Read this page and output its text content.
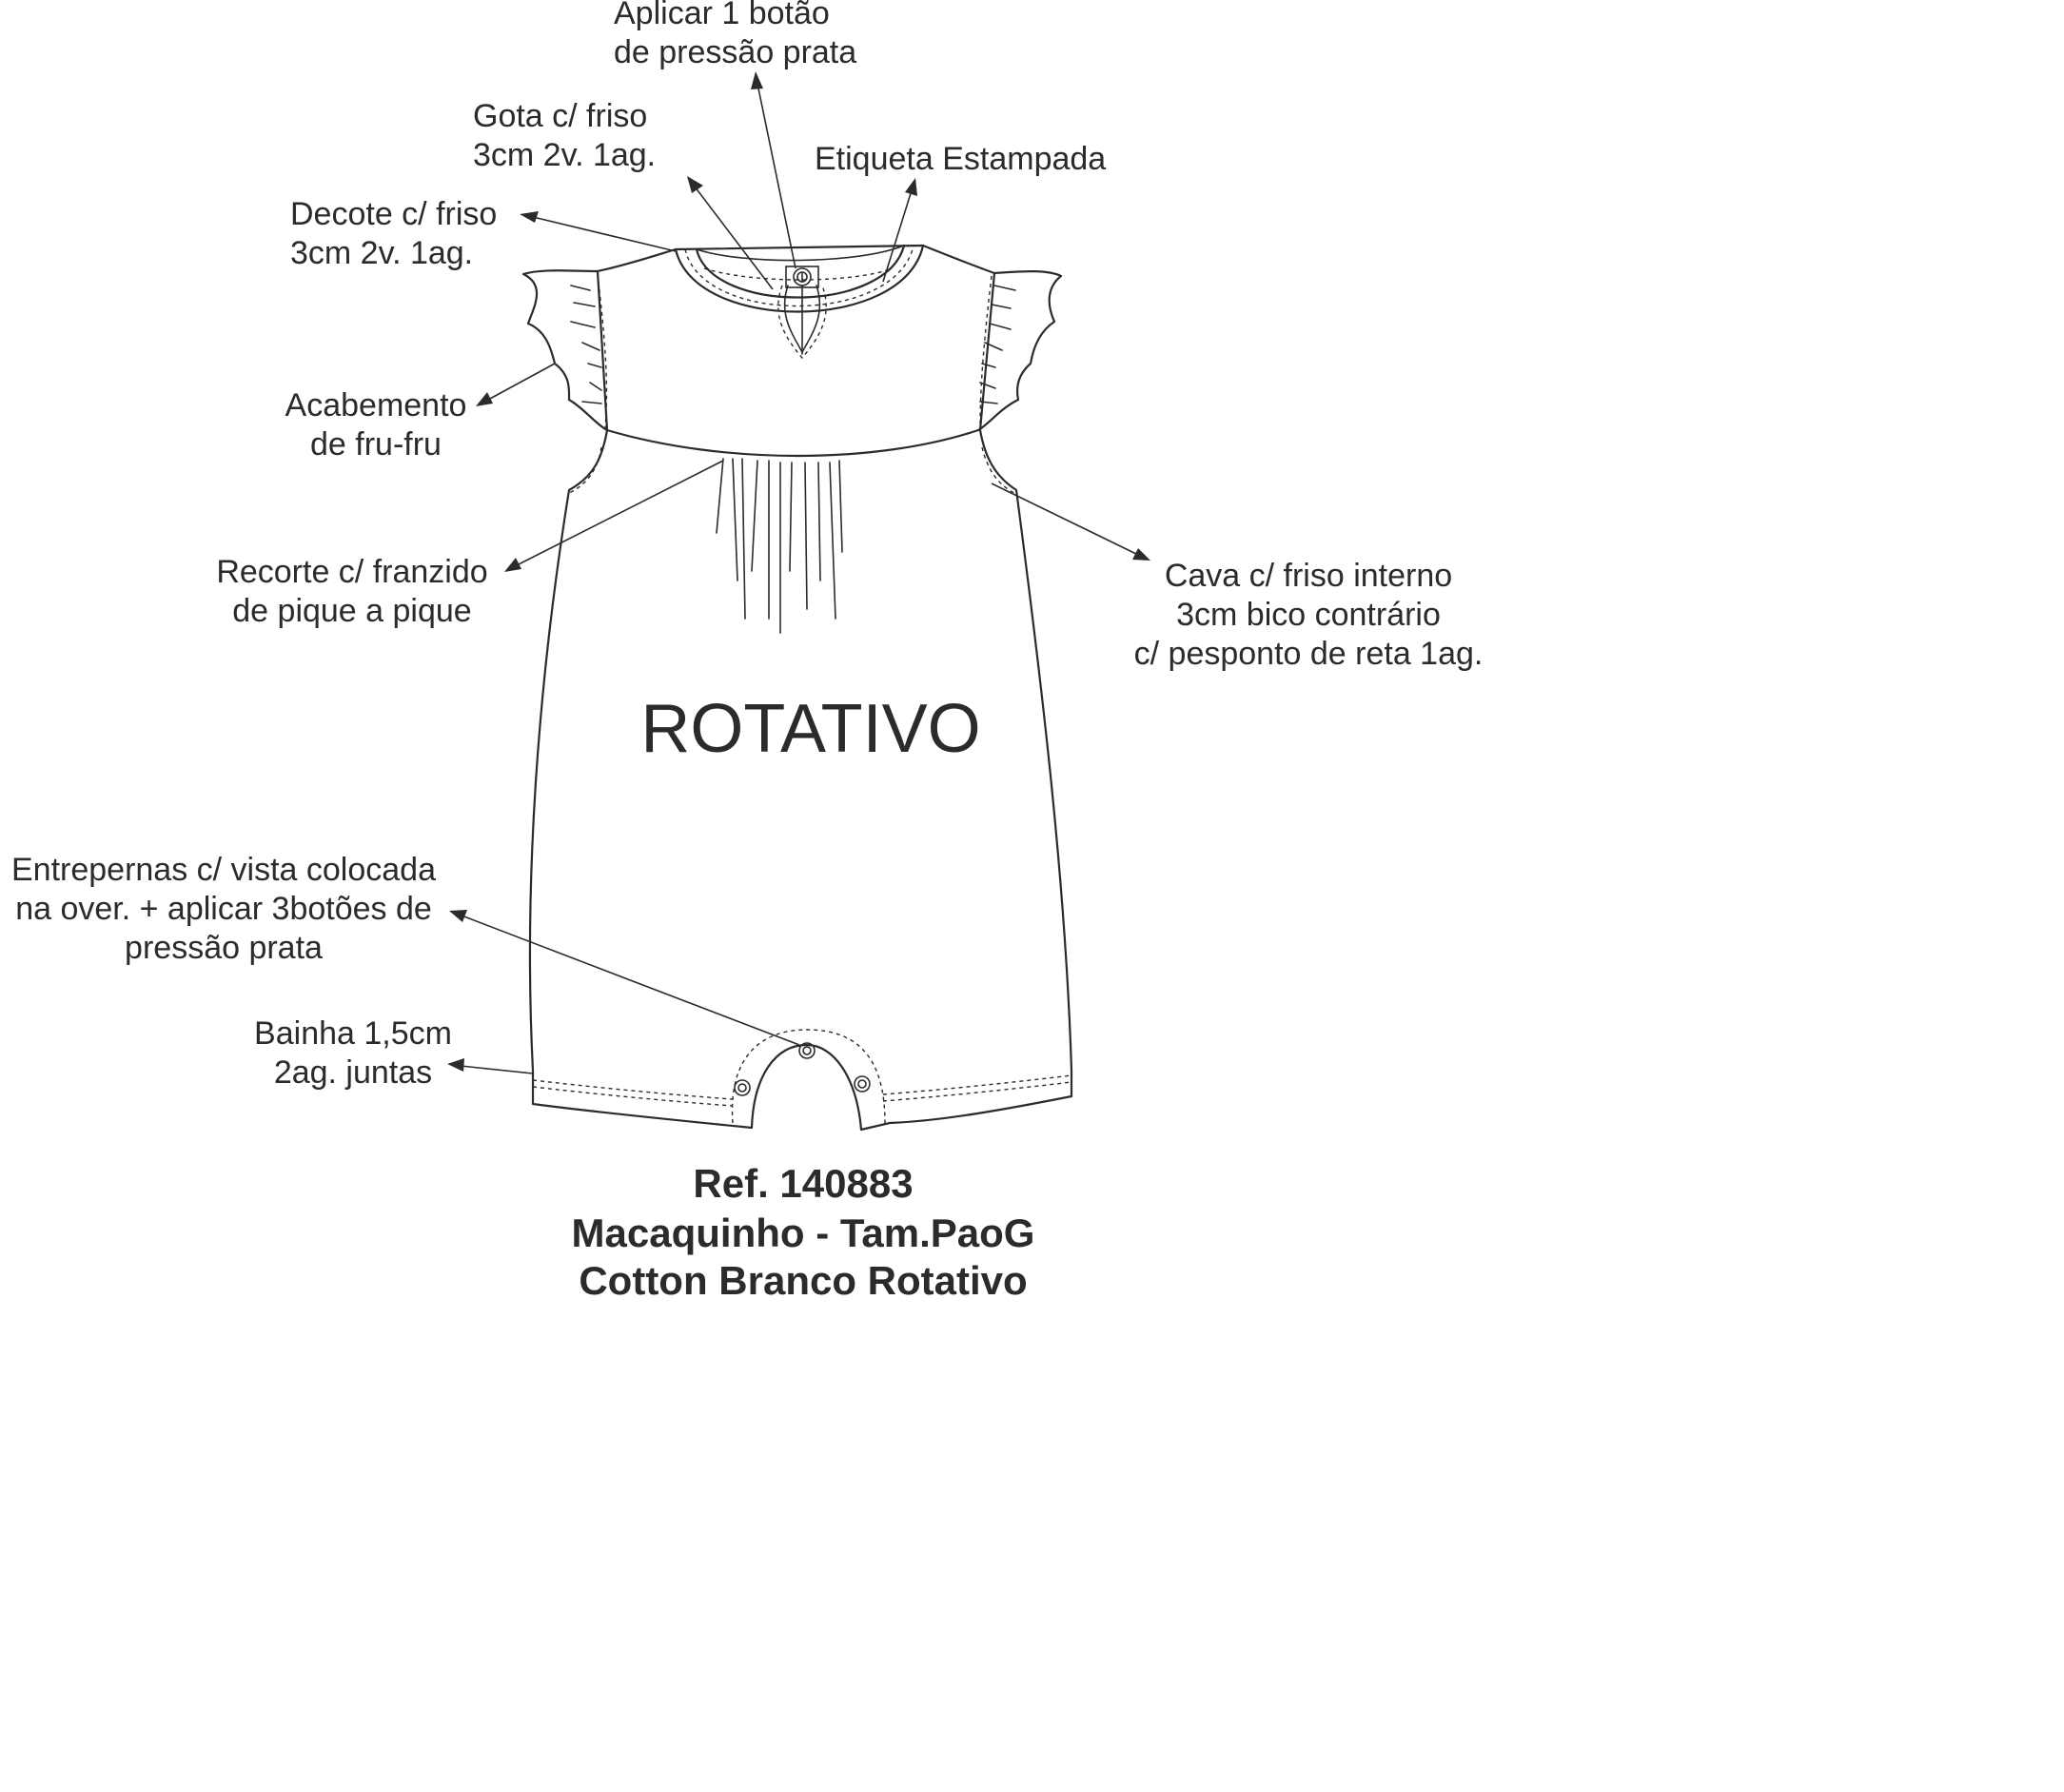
ROTATIVO
Aplicar 1 botão
de pressão prata
Gota c/ friso
3cm 2v. 1ag.	Etiqueta Estampada
Decote c/ friso
3cm 2v. 1ag.
Acabemento
de fru-fru
Recorte c/ franzido
de pique a pique
Cava c/ friso interno
3cm bico contrário
c/ pesponto de reta 1ag.
Entrepernas c/ vista colocada
na over. + aplicar 3botões de
pressão prata
Bainha 1,5cm
2ag. juntas
Ref. 140883
Macaquinho - Tam.PaoG
Cotton Branco Rotativo
